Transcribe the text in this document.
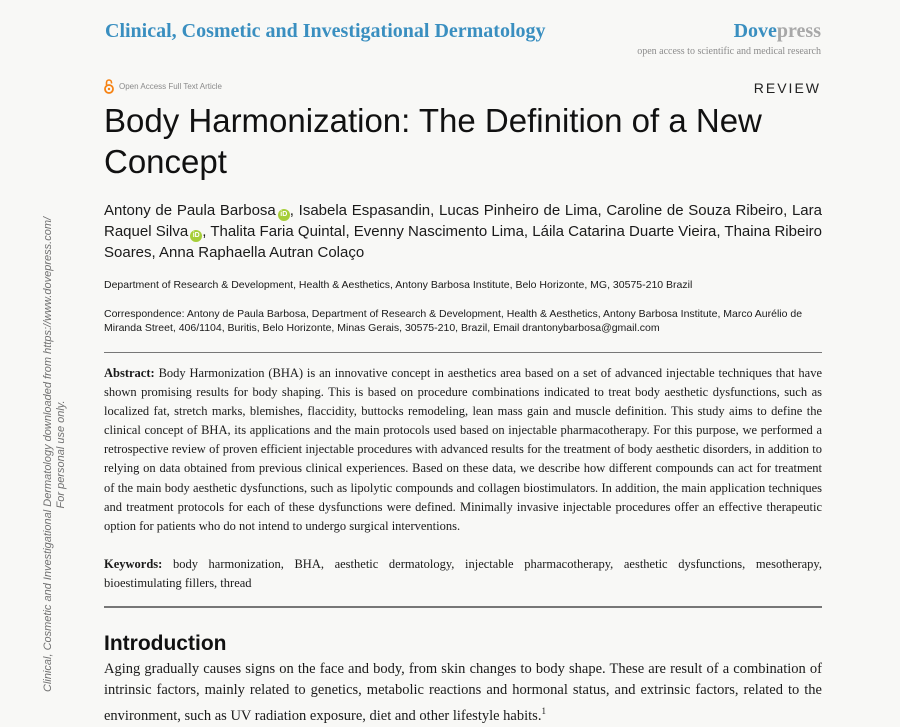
Clinical, Cosmetic and Investigational Dermatology	Dovepress
open access to scientific and medical research
Open Access Full Text Article	REVIEW
Body Harmonization: The Definition of a New Concept
Antony de Paula Barbosa iD , Isabela Espasandin, Lucas Pinheiro de Lima, Caroline de Souza Ribeiro, Lara Raquel Silva iD , Thalita Faria Quintal, Evenny Nascimento Lima, Láila Catarina Duarte Vieira, Thaina Ribeiro Soares, Anna Raphaella Autran Colaço
Department of Research & Development, Health & Aesthetics, Antony Barbosa Institute, Belo Horizonte, MG, 30575-210 Brazil
Correspondence: Antony de Paula Barbosa, Department of Research & Development, Health & Aesthetics, Antony Barbosa Institute, Marco Aurélio de Miranda Street, 406/1104, Buritis, Belo Horizonte, Minas Gerais, 30575-210, Brazil, Email drantonybarbosa@gmail.com
Abstract: Body Harmonization (BHA) is an innovative concept in aesthetics area based on a set of advanced injectable techniques that have shown promising results for body shaping. This is based on procedure combinations indicated to treat body aesthetic dysfunctions, such as localized fat, stretch marks, blemishes, flaccidity, buttocks remodeling, lean mass gain and muscle definition. This study aims to define the clinical concept of BHA, its applications and the main protocols used based on injectable pharmacotherapy. For this purpose, we performed a retrospective review of proven efficient injectable procedures with advanced results for the treatment of body aesthetic disorders, in addition to relying on data obtained from previous clinical experiences. Based on these data, we describe how different compounds can act for treatment of the main body aesthetic dysfunctions, such as lipolytic compounds and collagen biostimulators. In addition, the main application techniques and treatment protocols for each of these dysfunctions were defined. Minimally invasive injectable procedures offer an effective therapeutic option for patients who do not intend to undergo surgical interventions.
Keywords: body harmonization, BHA, aesthetic dermatology, injectable pharmacotherapy, aesthetic dysfunctions, mesotherapy, bioestimulating fillers, thread
Introduction
Aging gradually causes signs on the face and body, from skin changes to body shape. These are result of a combination of intrinsic factors, mainly related to genetics, metabolic reactions and hormonal status, and extrinsic factors, related to the environment, such as UV radiation exposure, diet and other lifestyle habits.$^1$
Clinical, Cosmetic and Investigational Dermatology downloaded from https://www.dovepress.com/ For personal use only.
